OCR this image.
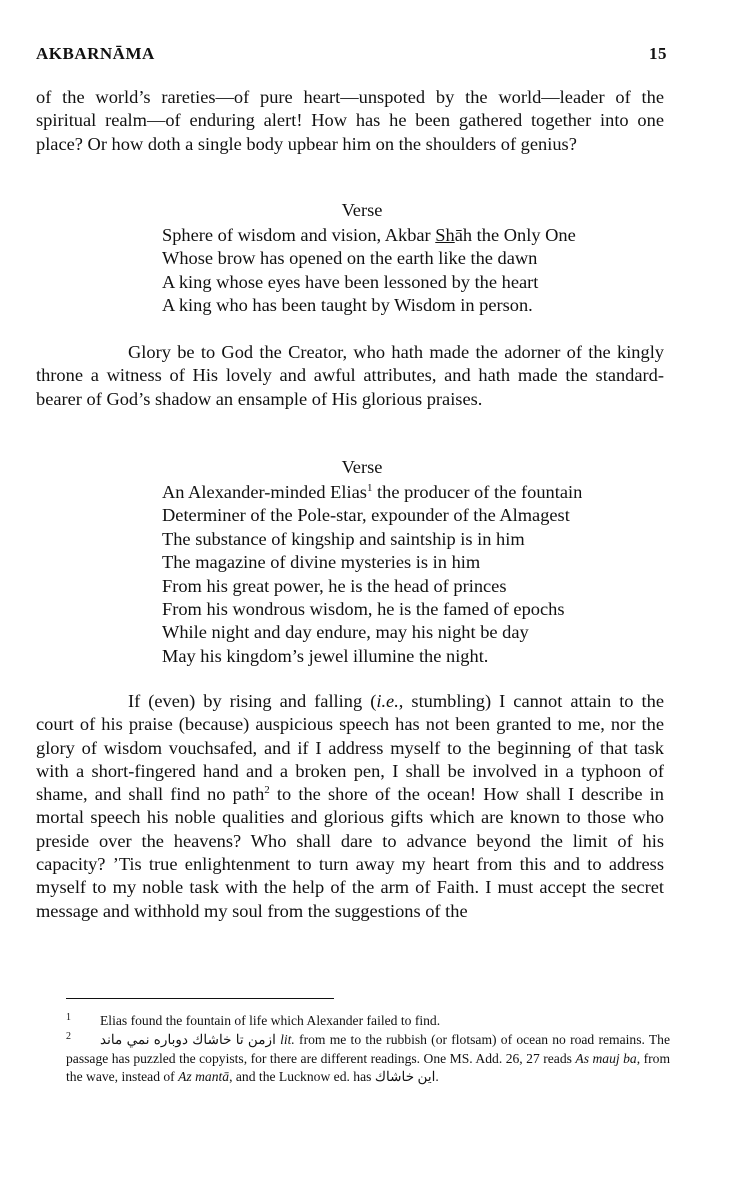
AKBARNĀMA	15
of the world’s rareties—of pure heart—unspoted by the world—leader of the spiritual realm—of enduring alert! How has he been gathered together into one place? Or how doth a single body upbear him on the shoulders of genius?
Verse
Sphere of wisdom and vision, Akbar Shāh the Only One
Whose brow has opened on the earth like the dawn
A king whose eyes have been lessoned by the heart
A king who has been taught by Wisdom in person.
Glory be to God the Creator, who hath made the adorner of the kingly throne a witness of His lovely and awful attributes, and hath made the standard-bearer of God’s shadow an ensample of His glorious praises.
Verse
An Alexander-minded Elias$^1$ the producer of the fountain
Determiner of the Pole-star, expounder of the Almagest
The substance of kingship and saintship is in him
The magazine of divine mysteries is in him
From his great power, he is the head of princes
From his wondrous wisdom, he is the famed of epochs
While night and day endure, may his night be day
May his kingdom’s jewel illumine the night.
If (even) by rising and falling (i.e., stumbling) I cannot attain to the court of his praise (because) auspicious speech has not been granted to me, nor the glory of wisdom vouchsafed, and if I address myself to the beginning of that task with a short-fingered hand and a broken pen, I shall be involved in a typhoon of shame, and shall find no path$^2$ to the shore of the ocean! How shall I describe in mortal speech his noble qualities and glorious gifts which are known to those who preside over the heavens? Who shall dare to advance beyond the limit of his capacity? ’Tis true enlightenment to turn away my heart from this and to address myself to my noble task with the help of the arm of Faith. I must accept the secret message and withhold my soul from the suggestions of the
1 Elias found the fountain of life which Alexander failed to find.
2	ازمن تا خاشاك دوباره نمي ماند lit. from me to the rubbish (or flotsam) of ocean no road remains. The passage has puzzled the copyists, for there are different readings. One MS. Add. 26, 27 reads As mauj ba, from the wave, instead of Az mantā, and the Lucknow ed. has اين خاشاك.
